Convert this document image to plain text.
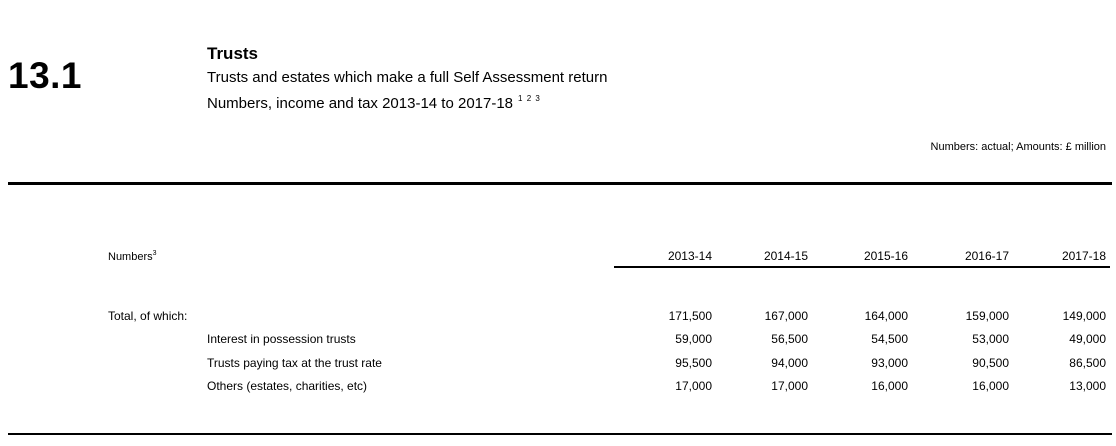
13.1
Trusts
Trusts and estates which make a full Self Assessment return
Numbers, income and tax 2013-14 to 2017-18 $^{1 2 3}$
Numbers: actual; Amounts: £ million
Numbers$^3$	2013-14	2014-15	2015-16	2016-17	2017-18
Total, of which:	171,500	167,000	164,000	159,000	149,000
Interest in possession trusts	59,000	56,500	54,500	53,000	49,000
Trusts paying tax at the trust rate	95,500	94,000	93,000	90,500	86,500
Others (estates, charities, etc)	17,000	17,000	16,000	16,000	13,000
